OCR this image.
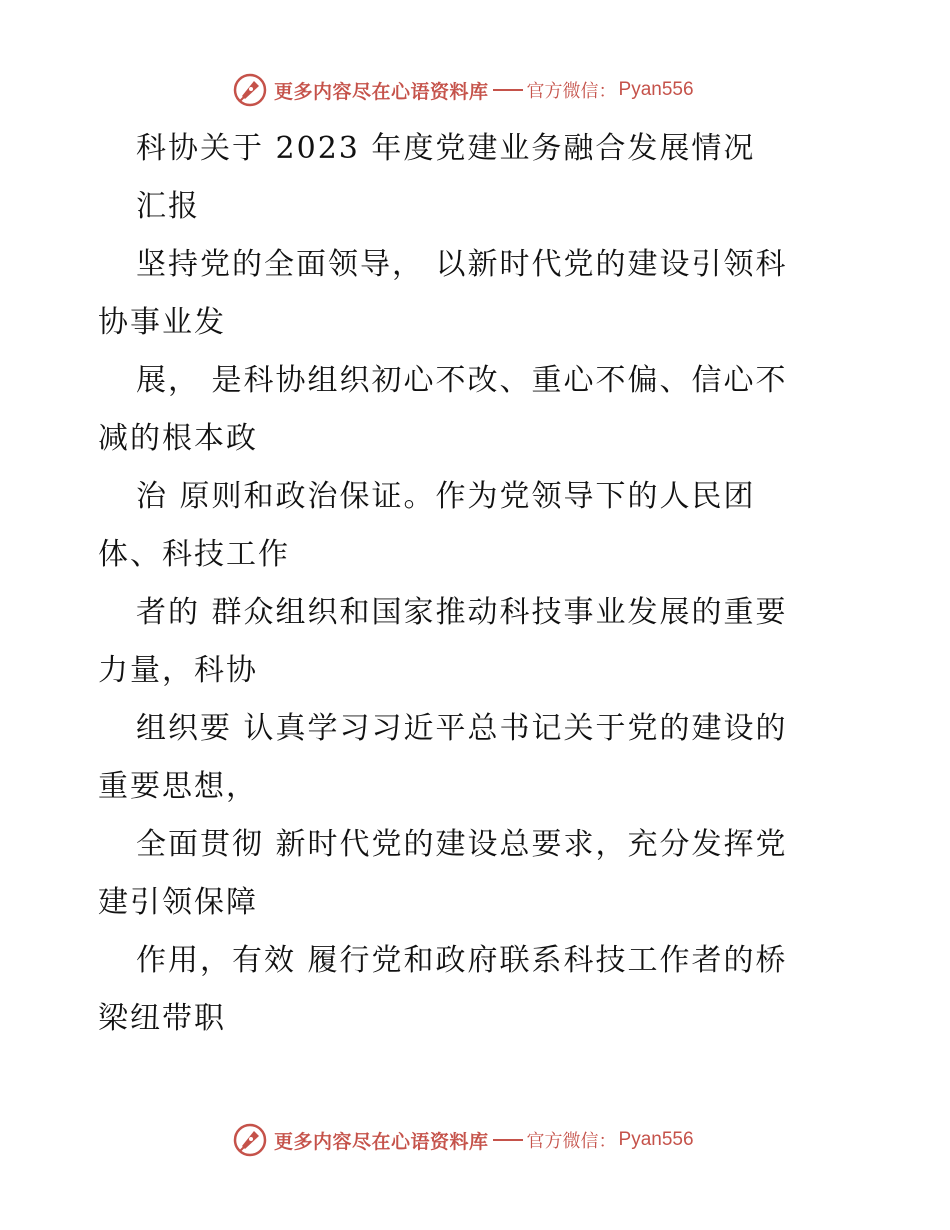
更多内容尽在心语资料库 官方微信： Pyan556

科协关于 2023 年度党建业务融合发展情况

汇报

坚持党的全面领导， 以新时代党的建设引领科

协事业发

展， 是科协组织初心不改、重心不偏、信心不

减的根本政

治 原则和政治保证。作为党领导下的人民团

体、科技工作

者的 群众组织和国家推动科技事业发展的重要

力量，科协

组织要 认真学习习近平总书记关于党的建设的

重要思想，

全面贯彻 新时代党的建设总要求，充分发挥党

建引领保障

作用，有效 履行党和政府联系科技工作者的桥

梁纽带职

更多内容尽在心语资料库 官方微信： Pyan556
